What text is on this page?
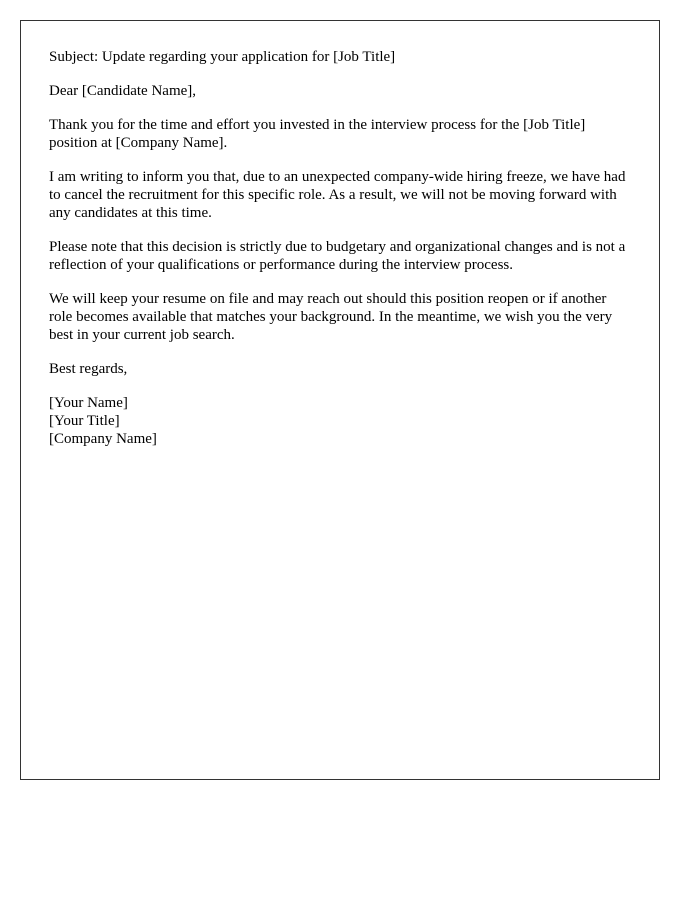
Subject: Update regarding your application for [Job Title]

Dear [Candidate Name],

Thank you for the time and effort you invested in the interview process for the [Job Title] position at [Company Name].

I am writing to inform you that, due to an unexpected company-wide hiring freeze, we have had to cancel the recruitment for this specific role. As a result, we will not be moving forward with any candidates at this time.

Please note that this decision is strictly due to budgetary and organizational changes and is not a reflection of your qualifications or performance during the interview process.

We will keep your resume on file and may reach out should this position reopen or if another role becomes available that matches your background. In the meantime, we wish you the very best in your current job search.

Best regards,

[Your Name]
[Your Title]
[Company Name]
